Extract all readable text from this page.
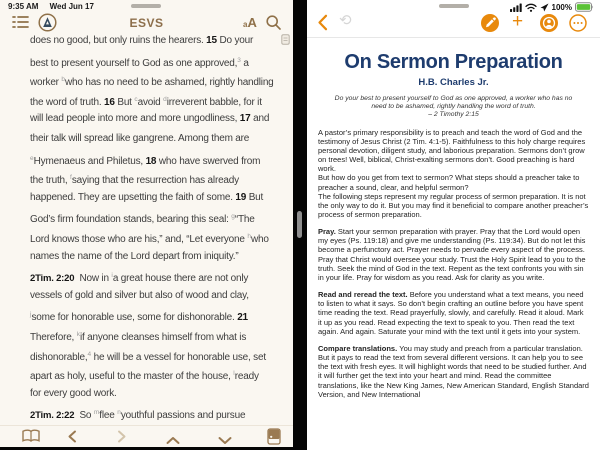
9:35 AM Wed Jun 17
ESVS	aA
does no good, but only ruins the hearers. 15 Do your
best to present yourself to God as one approved,$^3$ a
worker $^b$who has no need to be ashamed, rightly handling
the word of truth. 16 But $^c$avoid $^d$irreverent babble, for it
will lead people into more and more ungodliness, 17 and
their talk will spread like gangrene. Among them are
$^e$Hymenaeus and Philetus, 18 who have swerved from
the truth, $^f$saying that the resurrection has already
happened. They are upsetting the faith of some. 19 But
God’s firm foundation stands, bearing this seal: $^g$“The
Lord knows those who are his,” and, “Let everyone $^h$who
names the name of the Lord depart from iniquity.”
2Tim. 2:20  Now in $^i$a great house there are not only
vessels of gold and silver but also of wood and clay,
$^j$some for honorable use, some for dishonorable. 21
Therefore, $^k$if anyone cleanses himself from what is
dishonorable,$^4$ he will be a vessel for honorable use, set
apart as holy, useful to the master of the house, $^l$ready
for every good work.
2Tim. 2:22  So $^m$flee $^n$youthful passions and pursue
100%
⟲	+
On Sermon Preparation
H.B. Charles Jr.
Do your best to present yourself to God as one approved, a worker who has no need to be ashamed, rightly handling the word of truth.
– 2 Timothy 2:15

A pastor’s primary responsibility is to preach and teach the word of God and the testimony of Jesus Christ (2 Tim. 4:1-5). Faithfulness to this holy charge requires personal devotion, diligent study, and laborious preparation. Sermons don’t grow on trees! Well, biblical, Christ-exalting sermons don’t. Good preaching is hard work.

But how do you get from text to sermon? What steps should a preacher take to preacher a sound, clear, and helpful sermon?

The following steps represent my regular process of sermon preparation. It is not the only way to do it. But you may find it beneficial to compare another preacher’s process of sermon preparation.

Pray. Start your sermon preparation with prayer. Pray that the Lord would open my eyes (Ps. 119:18) and give me understanding (Ps. 119:34). But do not let this become a perfunctory act. Prayer needs to pervade every aspect of the process. Pray that Christ would oversee your study. Trust the Holy Spirit lead to you to the truth. Seek the mind of God in the text. Repent as the text confronts you with sin in your life. Pray for wisdom as you read. Ask for clarity as you write.

Read and reread the text. Before you understand what a text means, you need to listen to what it says. So don’t begin crafting an outline before you have spent time reading the text. Read prayerfully, slowly, and carefully. Read it aloud. Mark it up as you read. Read expecting the text to speak to you. Then read the text again. And again. Saturate your mind with the text until it gets into your system.

Compare translations. You may study and preach from a particular translation. But it pays to read the text from several different versions. It can help you to see the text with fresh eyes. It will highlight words that need to be studied further. And it will further get the text into your heart and mind. Read the committee translations, like the New King James, New American Standard, English Standard Version, and New International
